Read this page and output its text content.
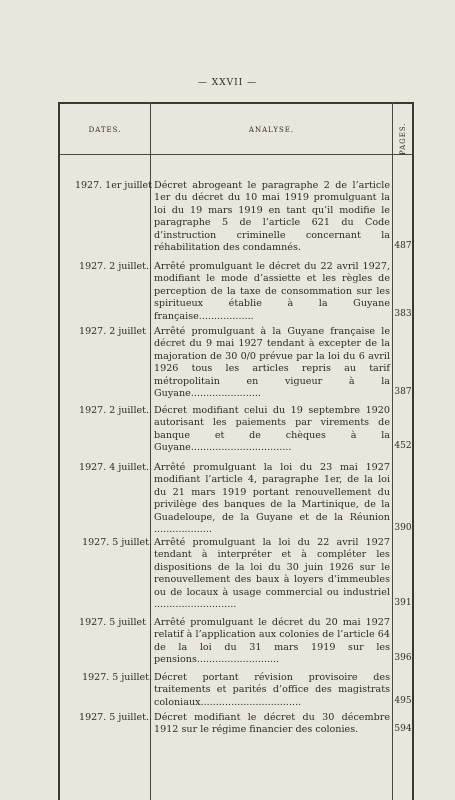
— XXVII —
DATES.	ANALYSE.	PAGES.
1927. 1er juillet Décret abrogeant le paragraphe 2 de l’article 1er du décret du 10 mai 1919 promulguant la loi du 19 mars 1919 en tant qu’il modifie le paragraphe 5 de l’article 621 du Code d’instruction criminelle concernant la réhabilitation des condamnés.	487
1927. 2 juillet.. Arrêté promulguant le décret du 22 avril 1927, modifiant le mode d’assiette et les règles de perception de la taxe de consommation sur les spiritueux établie à la Guyane française..................	383
1927. 2 juillet . Arrêté promulguant à la Guyane française le décret du 9 mai 1927 tendant à excepter de la majoration de 30 0/0 prévue par la loi du 6 avril 1926 tous les articles repris au tarif métropolitain en vigueur à la Guyane.......................	387
1927. 2 juillet.. Décret modifiant celui du 19 septembre 1920 autorisant les paiements par virements de banque et de chèques à la Guyane.................................	452
1927. 4 juillet.. Arrêté promulguant la loi du 23 mai 1927 modifiant l’article 4, paragraphe 1er, de la loi du 21 mars 1919 portant renouvellement du privilège des banques de la Martinique, de la Guadeloupe, de la Guyane et de la Réunion ...................	390
1927. 5 juillet. Arrêté promulguant la loi du 22 avril 1927 tendant à interpréter et à compléter les dispositions de la loi du 30 juin 1926 sur le renouvellement des baux à loyers d’immeubles ou de locaux à usage commercial ou industriel ...........................	391
1927. 5 juillet . Arrêté promulguant le décret du 20 mai 1927 relatif à l’application aux colonies de l’article 64 de la loi du 31 mars 1919 sur les pensions...........................	396
1927. 5 juillet. Décret portant révision provisoire des traitements et parités d’office des magistrats coloniaux.................................	495
1927. 5 juillet.. Décret modifiant le décret du 30 décembre 1912 sur le régime financier des colonies.	594
